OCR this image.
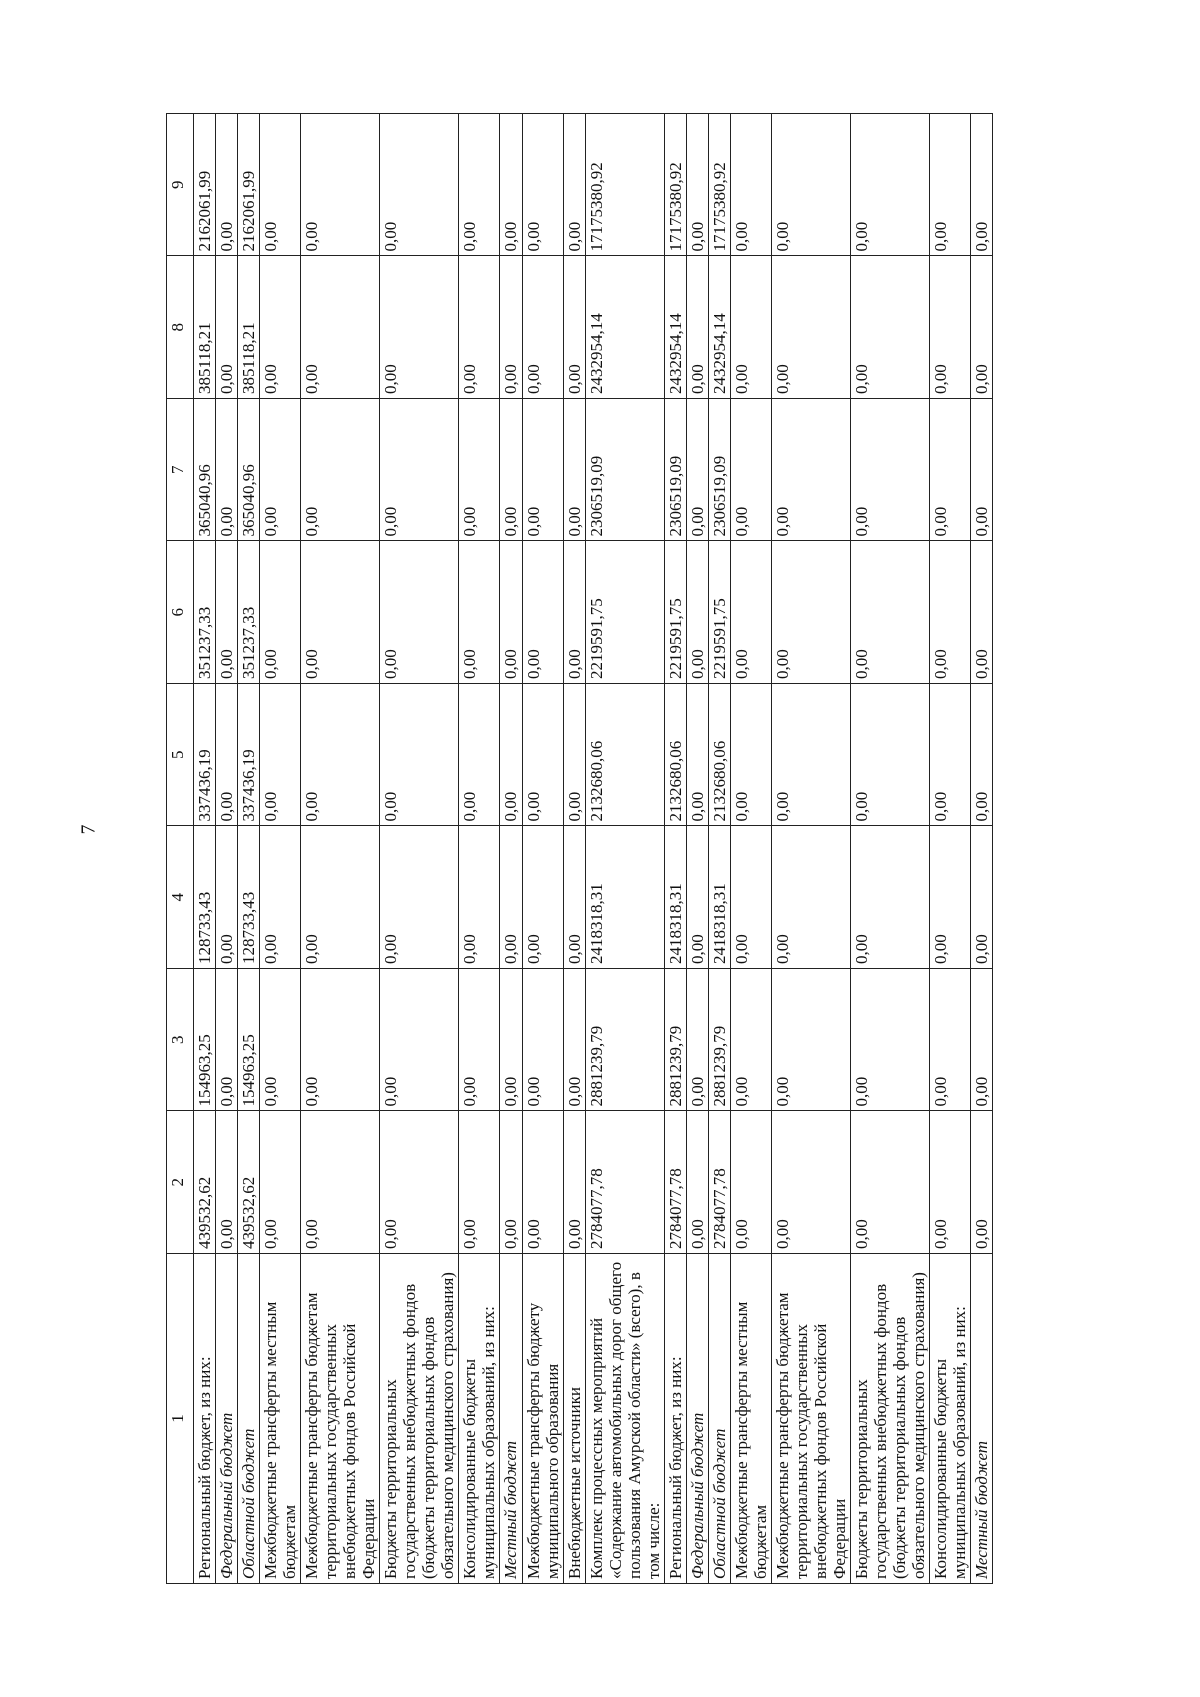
7
1	2	3	4	5	6	7	8	9
Региональный бюджет, из них:	439532,62	154963,25	128733,43	337436,19	351237,33	365040,96	385118,21	2162061,99
Федеральный бюджет	0,00	0,00	0,00	0,00	0,00	0,00	0,00	0,00
Областной бюджет	439532,62	154963,25	128733,43	337436,19	351237,33	365040,96	385118,21	2162061,99
Межбюджетные трансферты местным бюджетам	0,00	0,00	0,00	0,00	0,00	0,00	0,00	0,00
Межбюджетные трансферты бюджетам территориальных государственных внебюджетных фондов Российской Федерации	0,00	0,00	0,00	0,00	0,00	0,00	0,00	0,00
Бюджеты территориальных государственных внебюджетных фондов (бюджеты территориальных фондов обязательного медицинского страхования)	0,00	0,00	0,00	0,00	0,00	0,00	0,00	0,00
Консолидированные бюджеты муниципальных образований, из них:	0,00	0,00	0,00	0,00	0,00	0,00	0,00	0,00
Местный бюджет	0,00	0,00	0,00	0,00	0,00	0,00	0,00	0,00
Межбюджетные трансферты бюджету муниципального образования	0,00	0,00	0,00	0,00	0,00	0,00	0,00	0,00
Внебюджетные источники	0,00	0,00	0,00	0,00	0,00	0,00	0,00	0,00
Комплекс процессных мероприятий «Содержание автомобильных дорог общего пользования Амурской области» (всего), в том числе:	2784077,78	2881239,79	2418318,31	2132680,06	2219591,75	2306519,09	2432954,14	17175380,92
Региональный бюджет, из них:	2784077,78	2881239,79	2418318,31	2132680,06	2219591,75	2306519,09	2432954,14	17175380,92
Федеральный бюджет	0,00	0,00	0,00	0,00	0,00	0,00	0,00	0,00
Областной бюджет	2784077,78	2881239,79	2418318,31	2132680,06	2219591,75	2306519,09	2432954,14	17175380,92
Межбюджетные трансферты местным бюджетам	0,00	0,00	0,00	0,00	0,00	0,00	0,00	0,00
Межбюджетные трансферты бюджетам территориальных государственных внебюджетных фондов Российской Федерации	0,00	0,00	0,00	0,00	0,00	0,00	0,00	0,00
Бюджеты территориальных государственных внебюджетных фондов (бюджеты территориальных фондов обязательного медицинского страхования)	0,00	0,00	0,00	0,00	0,00	0,00	0,00	0,00
Консолидированные бюджеты муниципальных образований, из них:	0,00	0,00	0,00	0,00	0,00	0,00	0,00	0,00
Местный бюджет	0,00	0,00	0,00	0,00	0,00	0,00	0,00	0,00
